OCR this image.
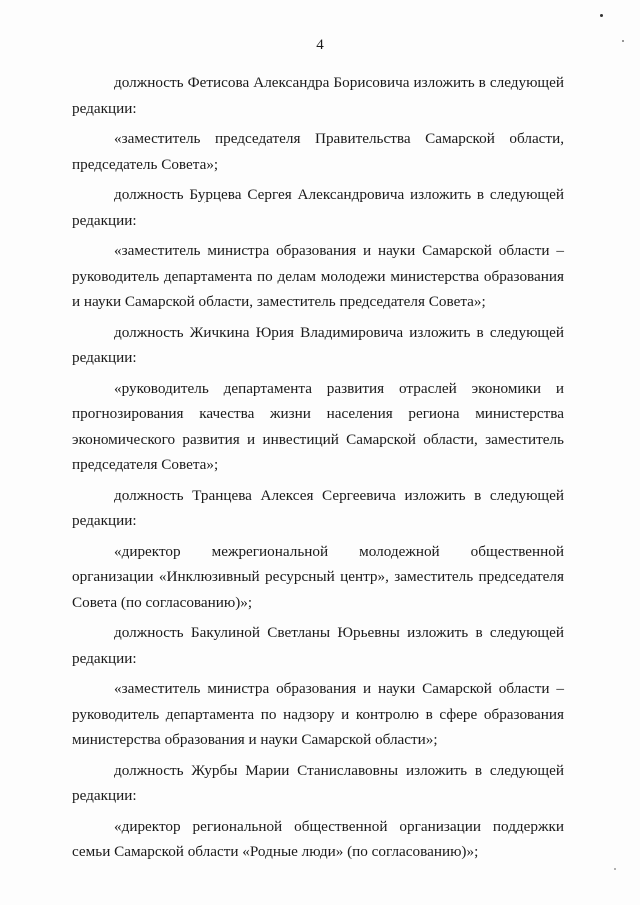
4

должность Фетисова Александра Борисовича изложить в следующей редакции:

«заместитель председателя Правительства Самарской области, председатель Совета»;

должность Бурцева Сергея Александровича изложить в следующей редакции:

«заместитель министра образования и науки Самарской области – руководитель департамента по делам молодежи министерства образования и науки Самарской области, заместитель председателя Совета»;

должность Жичкина Юрия Владимировича изложить в следующей редакции:

«руководитель департамента развития отраслей экономики и прогнозирования качества жизни населения региона министерства экономического развития и инвестиций Самарской области, заместитель председателя Совета»;

должность Транцева Алексея Сергеевича изложить в следующей редакции:

«директор межрегиональной молодежной общественной организации «Инклюзивный ресурсный центр», заместитель председателя Совета (по согласованию)»;

должность Бакулиной Светланы Юрьевны изложить в следующей редакции:

«заместитель министра образования и науки Самарской области – руководитель департамента по надзору и контролю в сфере образования министерства образования и науки Самарской области»;

должность Журбы Марии Станиславовны изложить в следующей редакции:

«директор региональной общественной организации поддержки семьи Самарской области «Родные люди» (по согласованию)»;
